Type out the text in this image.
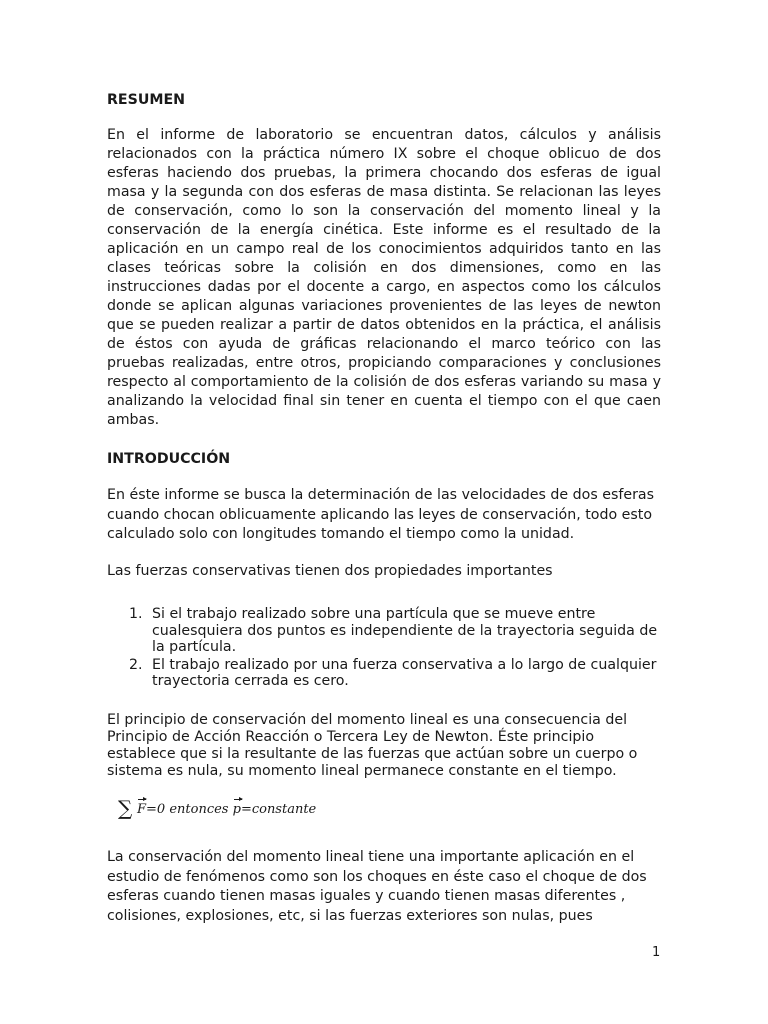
RESUMEN

En el informe de laboratorio se encuentran datos, cálculos y análisis relacionados con la práctica número IX sobre el choque oblicuo de dos esferas haciendo dos pruebas, la primera chocando dos esferas de igual masa y la segunda con dos esferas de masa distinta. Se relacionan las leyes de conservación, como lo son la conservación del momento lineal y la conservación de la energía cinética. Este informe es el resultado de la aplicación en un campo real de los conocimientos adquiridos tanto en las clases teóricas sobre la colisión en dos dimensiones, como en las instrucciones dadas por el docente a cargo, en aspectos como los cálculos donde se aplican algunas variaciones provenientes de las leyes de newton que se pueden realizar a partir de datos obtenidos en la práctica, el análisis de éstos con ayuda de gráficas relacionando el marco teórico con las pruebas realizadas, entre otros, propiciando comparaciones y conclusiones respecto al comportamiento de la colisión de dos esferas variando su masa y analizando la velocidad final sin tener en cuenta el tiempo con el que caen ambas.

INTRODUCCIÓN

En éste informe se busca la determinación de las velocidades de dos esferas cuando chocan oblicuamente aplicando las leyes de conservación, todo esto calculado solo con longitudes tomando el tiempo como la unidad.

Las fuerzas conservativas tienen dos propiedades importantes

1. Si el trabajo realizado sobre una partícula que se mueve entre cualesquiera dos puntos es independiente de la trayectoria seguida de la partícula.
2. El trabajo realizado por una fuerza conservativa a lo largo de cualquier trayectoria cerrada es cero.

El principio de conservación del momento lineal es una consecuencia del Principio de Acción Reacción o Tercera Ley de Newton. Éste principio establece que si la resultante de las fuerzas que actúan sobre un cuerpo o sistema es nula, su momento lineal permanece constante en el tiempo.

∑ F=0 entonces p=constante

La conservación del momento lineal tiene una importante aplicación en el estudio de fenómenos como son los choques en éste caso el choque de dos esferas cuando tienen masas iguales y cuando tienen masas diferentes , colisiones, explosiones, etc, si las fuerzas exteriores son nulas, pues

1
